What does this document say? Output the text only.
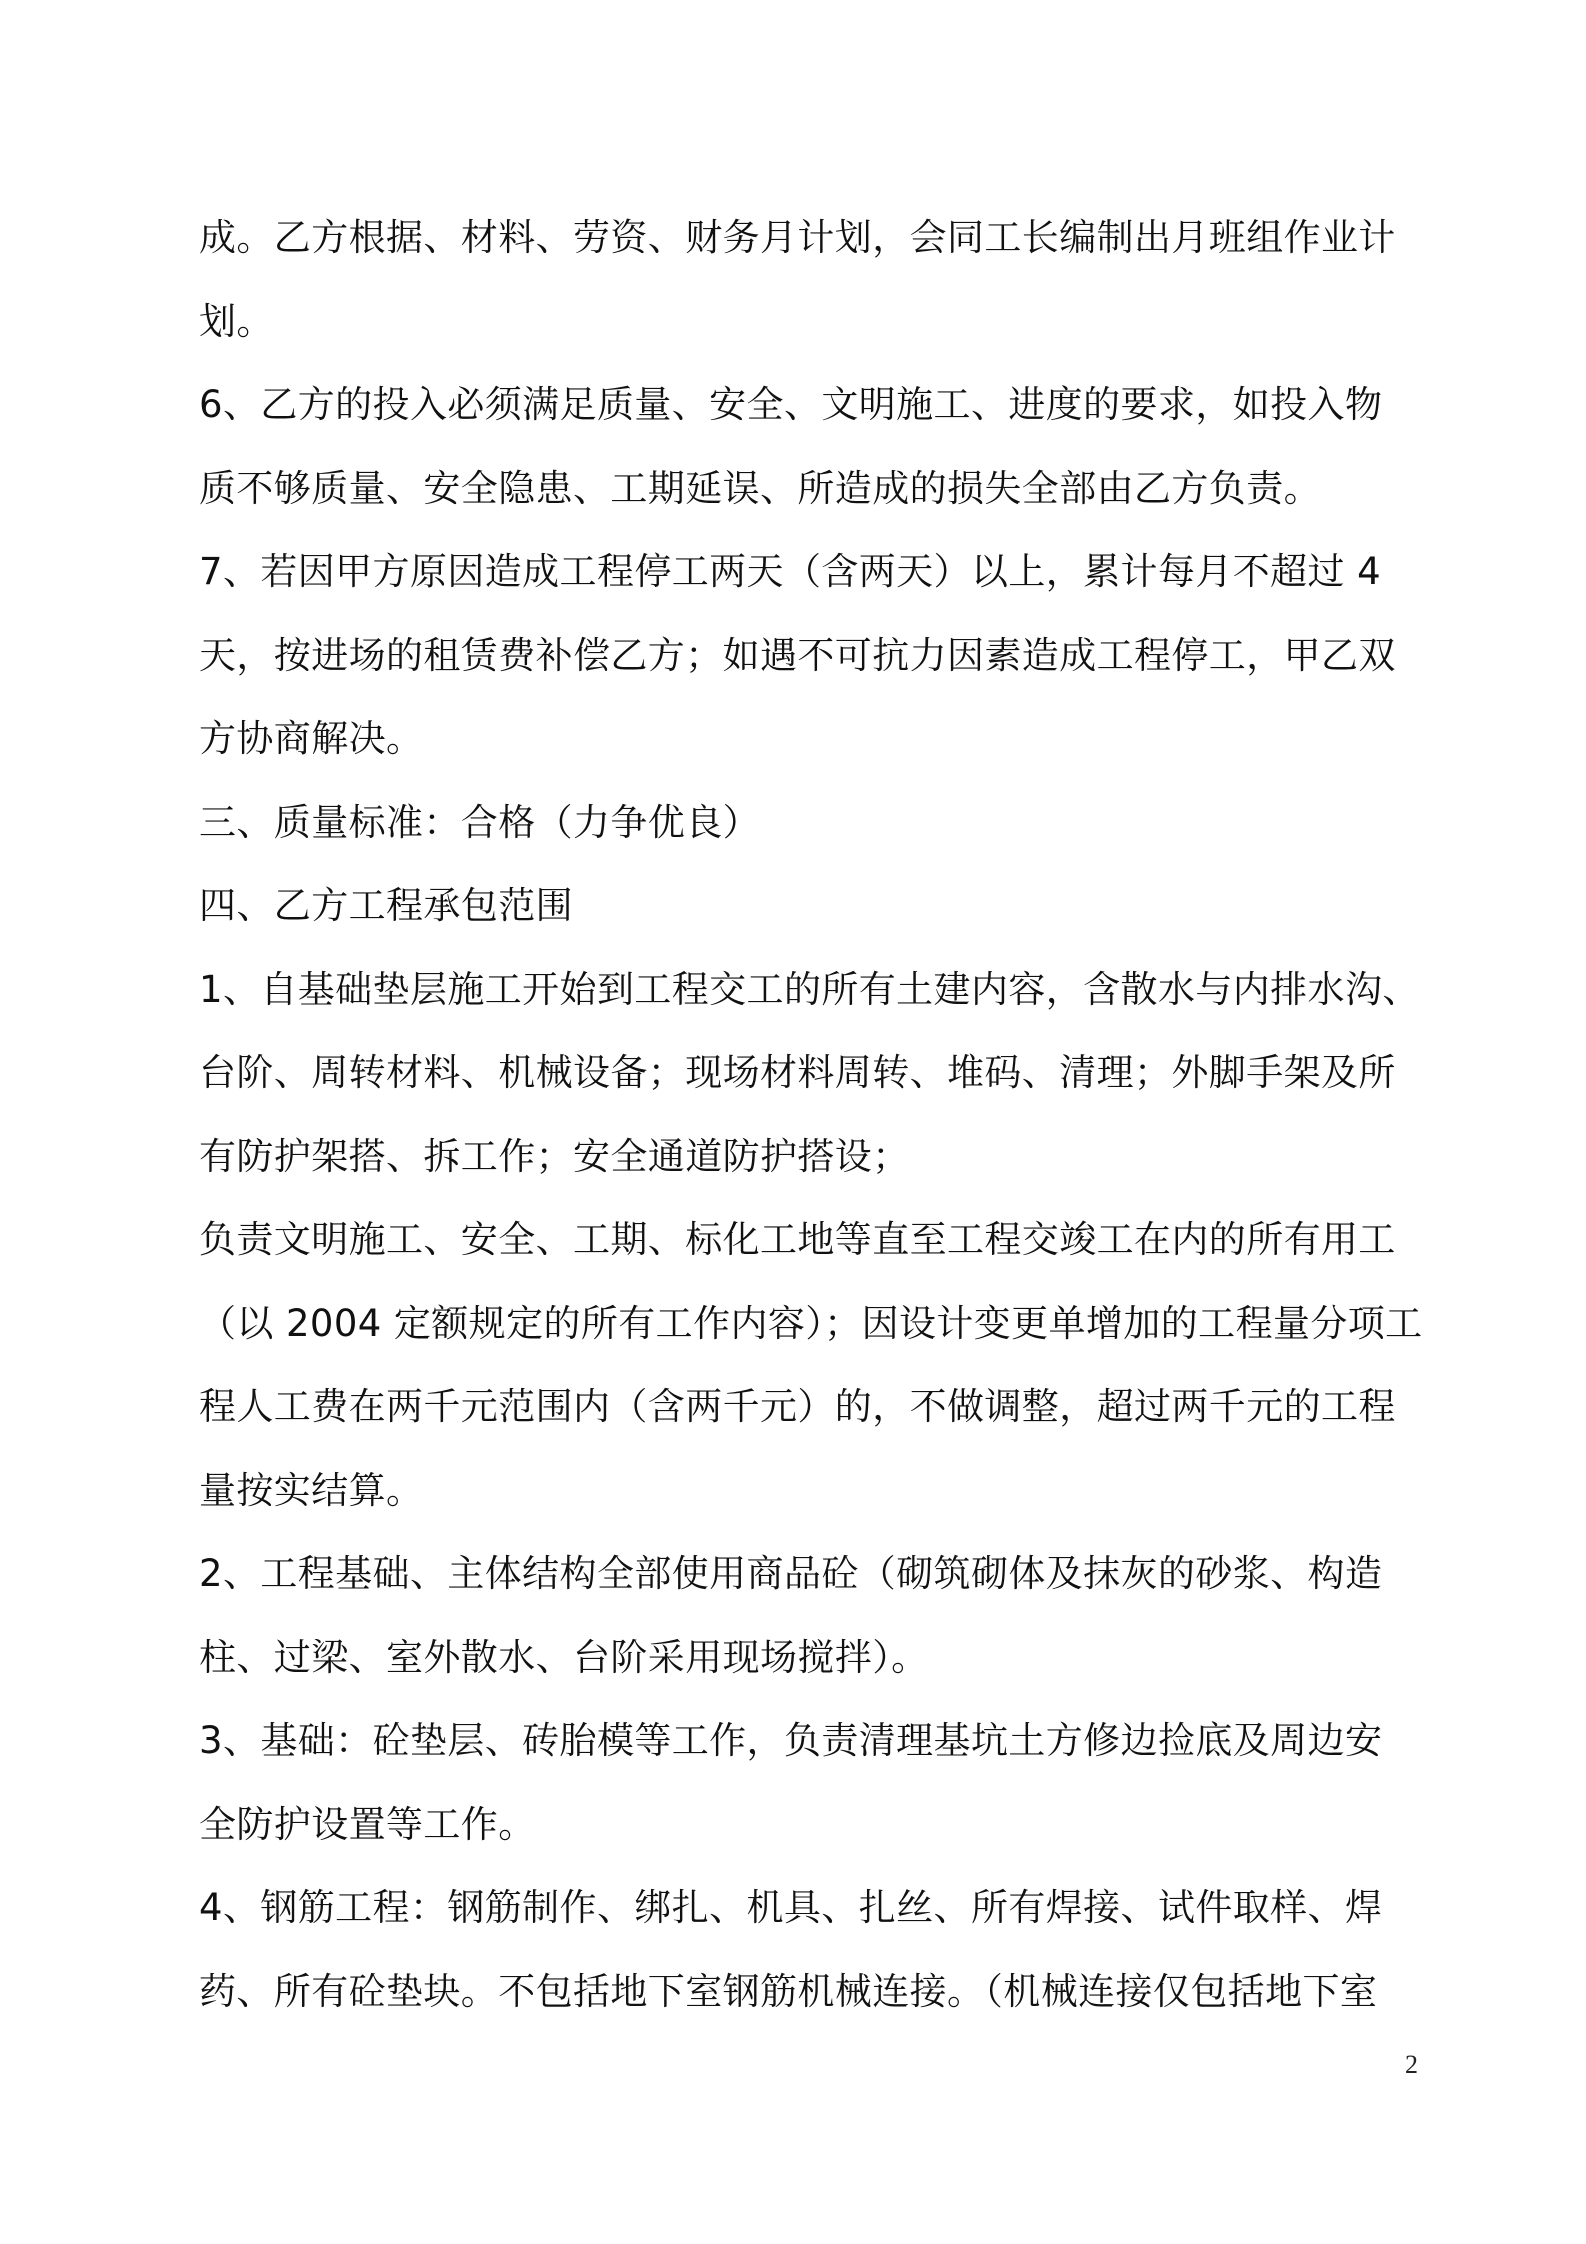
成。乙方根据、材料、劳资、财务月计划，会同工长编制出月班组作业计
划。
6、乙方的投入必须满足质量、安全、文明施工、进度的要求，如投入物
质不够质量、安全隐患、工期延误、所造成的损失全部由乙方负责。
7、若因甲方原因造成工程停工两天（含两天）以上，累计每月不超过 4
天，按进场的租赁费补偿乙方；如遇不可抗力因素造成工程停工，甲乙双
方协商解决。
三、质量标准：合格（力争优良）
四、乙方工程承包范围
1、自基础垫层施工开始到工程交工的所有土建内容，含散水与内排水沟、
台阶、周转材料、机械设备；现场材料周转、堆码、清理；外脚手架及所
有防护架搭、拆工作；安全通道防护搭设；
负责文明施工、安全、工期、标化工地等直至工程交竣工在内的所有用工
（以 2004 定额规定的所有工作内容）；因设计变更单增加的工程量分项工
程人工费在两千元范围内（含两千元）的，不做调整，超过两千元的工程
量按实结算。
2、工程基础、主体结构全部使用商品砼（砌筑砌体及抹灰的砂浆、构造
柱、过梁、室外散水、台阶采用现场搅拌）。
3、基础：砼垫层、砖胎模等工作，负责清理基坑土方修边捡底及周边安
全防护设置等工作。
4、钢筋工程：钢筋制作、绑扎、机具、扎丝、所有焊接、试件取样、焊
药、所有砼垫块。不包括地下室钢筋机械连接。（机械连接仅包括地下室
2
